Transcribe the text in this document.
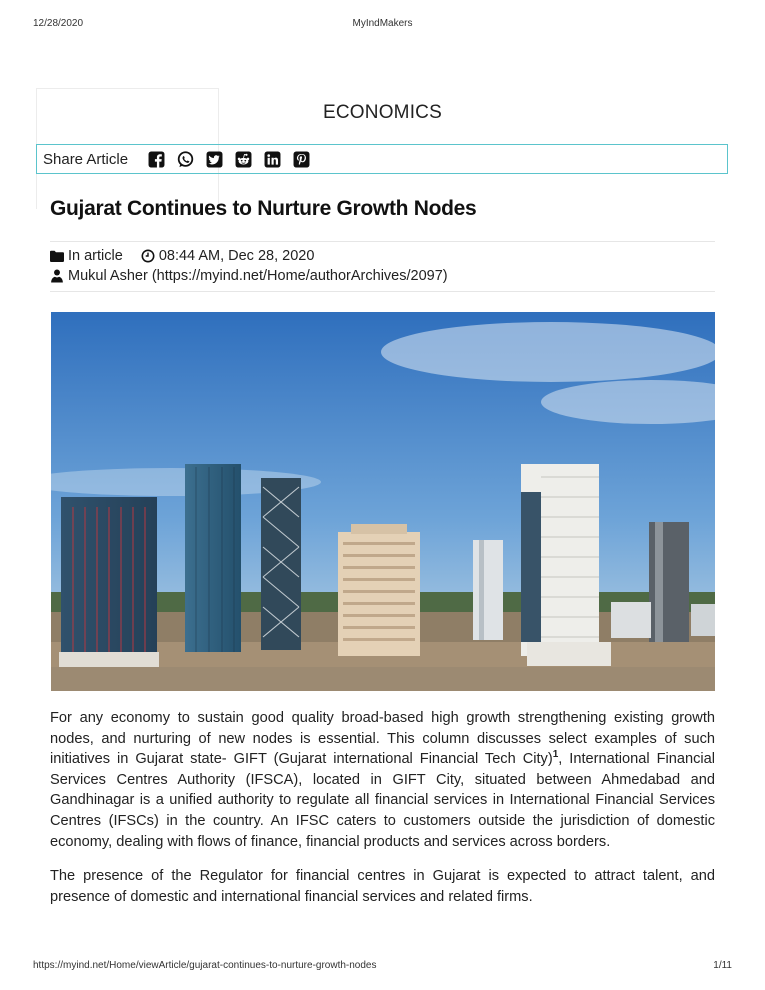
12/28/2020	MyIndMakers
ECONOMICS
Share Article
Gujarat Continues to Nurture Growth Nodes
In article 08:44 AM, Dec 28, 2020
Mukul Asher (https://myind.net/Home/authorArchives/2097)

For any economy to sustain good quality broad-based high growth strengthening existing growth nodes, and nurturing of new nodes is essential. This column discusses select examples of such initiatives in Gujarat state- GIFT (Gujarat international Financial Tech City)$^1$, International Financial Services Centres Authority (IFSCA), located in GIFT City, situated between Ahmedabad and Gandhinagar is a unified authority to regulate all financial services in International Financial Services Centres (IFSCs) in the country. An IFSC caters to customers outside the jurisdiction of domestic economy, dealing with flows of finance, financial products and services across borders.

The presence of the Regulator for financial centres in Gujarat is expected to attract talent, and presence of domestic and international financial services and related firms.

https://myind.net/Home/viewArticle/gujarat-continues-to-nurture-growth-nodes	1/11
